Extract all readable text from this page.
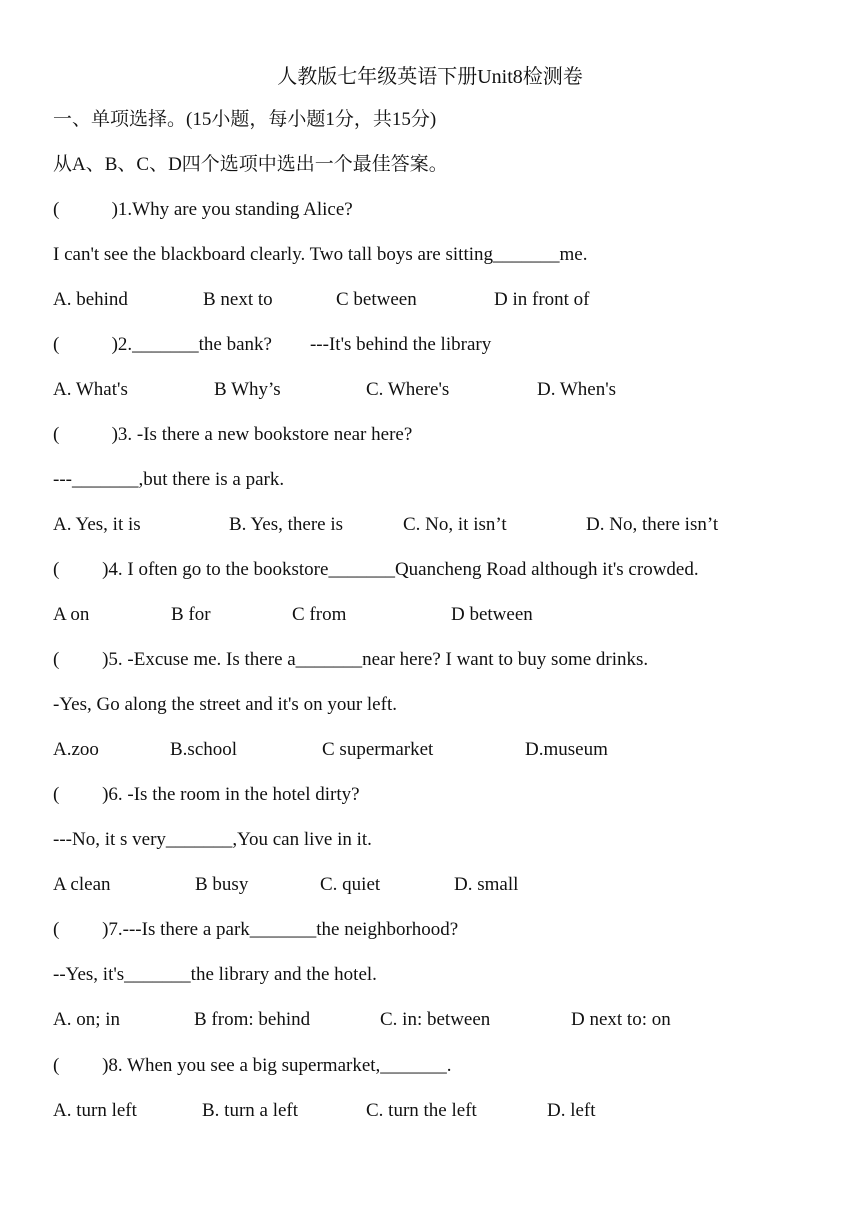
人教版七年级英语下册Unit8检测卷
一、单项选择。(15小题，每小题1分，共15分)
从A、B、C、D四个选项中选出一个最佳答案。
(           )1.Why are you standing Alice?
I can't see the blackboard clearly. Two tall boys are sitting_______me.
A. behind	B next to	C between	D in front of
(           )2._______the bank?        ---It's behind the library
A. What's	B Why’s	C. Where's	D. When's
(           )3. -Is there a new bookstore near here?
---_______,but there is a park.
A. Yes, it is	B. Yes, there is	C. No, it isn’t	D. No, there isn’t
(         )4. I often go to the bookstore_______Quancheng Road although it's crowded.
A on	B for	C from	D between
(         )5. -Excuse me. Is there a_______near here? I want to buy some drinks.
-Yes, Go along the street and it's on your left.
A.zoo	B.school	C supermarket	D.museum
(         )6. -Is the room in the hotel dirty?
---No, it s very_______,You can live in it.
A clean	B busy	C. quiet	D. small
(         )7.---Is there a park_______the neighborhood?
--Yes, it's_______the library and the hotel.
A. on; in	B from: behind	C. in: between	D next to: on
(         )8. When you see a big supermarket,_______.
A. turn left	B. turn a left	C. turn the left	D. left
